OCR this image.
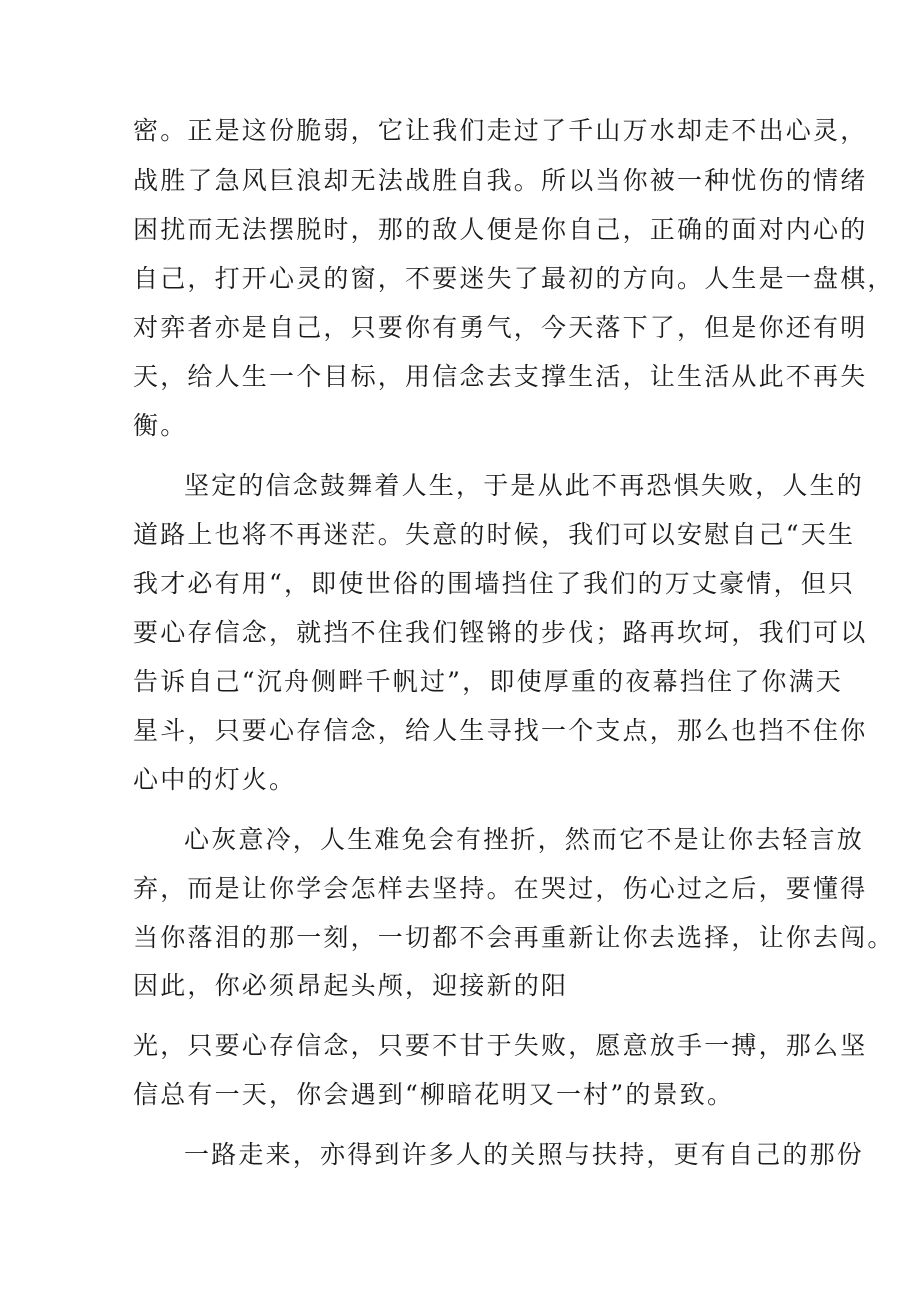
密。正是这份脆弱，它让我们走过了千山万水却走不出心灵，
战胜了急风巨浪却无法战胜自我。所以当你被一种忧伤的情绪
困扰而无法摆脱时，那的敌人便是你自己，正确的面对内心的
自己，打开心灵的窗，不要迷失了最初的方向。人生是一盘棋，
对弈者亦是自己，只要你有勇气，今天落下了，但是你还有明
天，给人生一个目标，用信念去支撑生活，让生活从此不再失
衡。
坚定的信念鼓舞着人生，于是从此不再恐惧失败，人生的
道路上也将不再迷茫。失意的时候，我们可以安慰自己“天生
我才必有用“，即使世俗的围墙挡住了我们的万丈豪情，但只
要心存信念，就挡不住我们铿锵的步伐；路再坎坷，我们可以
告诉自己“沉舟侧畔千帆过”，即使厚重的夜幕挡住了你满天
星斗，只要心存信念，给人生寻找一个支点，那么也挡不住你
心中的灯火。
心灰意冷，人生难免会有挫折，然而它不是让你去轻言放
弃，而是让你学会怎样去坚持。在哭过，伤心过之后，要懂得
当你落泪的那一刻，一切都不会再重新让你去选择，让你去闯。
因此，你必须昂起头颅，迎接新的阳
光，只要心存信念，只要不甘于失败，愿意放手一搏，那么坚
信总有一天，你会遇到“柳暗花明又一村”的景致。
一路走来，亦得到许多人的关照与扶持，更有自己的那份
